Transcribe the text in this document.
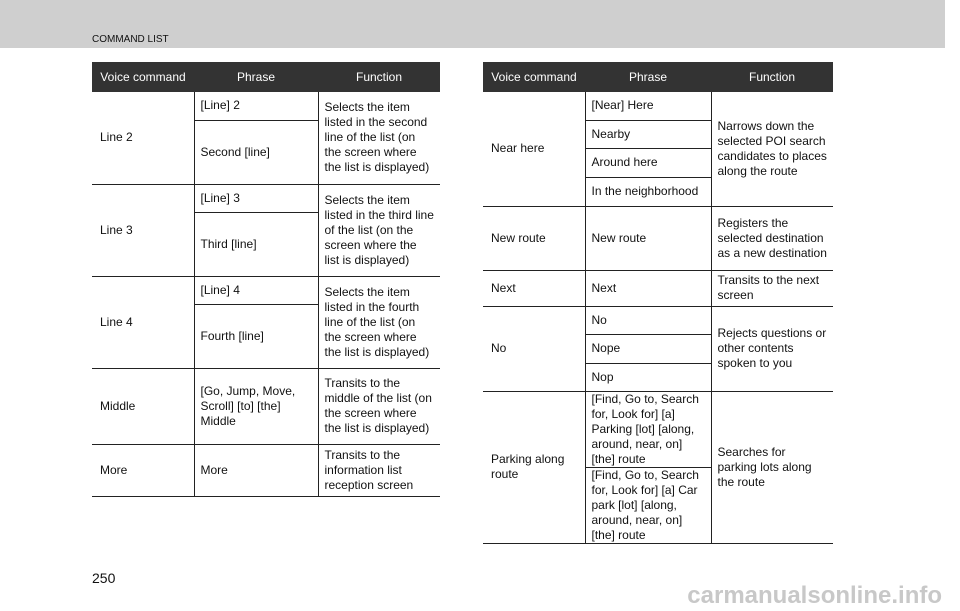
COMMAND LIST
Voice command	Phrase	Function
Line 2	[Line] 2	Selects the item listed in the second line of the list (on the screen where the list is displayed)
	Second [line]	
Line 3	[Line] 3	Selects the item listed in the third line of the list (on the screen where the list is displayed)
	Third [line]	
Line 4	[Line] 4	Selects the item listed in the fourth line of the list (on the screen where the list is displayed)
	Fourth [line]	
Middle	[Go, Jump, Move, Scroll] [to] [the] Middle	Transits to the middle of the list (on the screen where the list is displayed)
More	More	Transits to the information list reception screen
Voice command	Phrase	Function
Near here	[Near] Here	Narrows down the selected POI search candidates to places along the route
	Nearby	
	Around here	
	In the neighborhood	
New route	New route	Registers the selected destination as a new destination
Next	Next	Transits to the next screen
No	No	Rejects questions or other contents spoken to you
	Nope	
	Nop	
Parking along route	[Find, Go to, Search for, Look for] [a] Parking [lot] [along, around, near, on] [the] route	Searches for parking lots along the route
	[Find, Go to, Search for, Look for] [a] Car park [lot] [along, around, near, on] [the] route	
250
carmanualsonline.info
